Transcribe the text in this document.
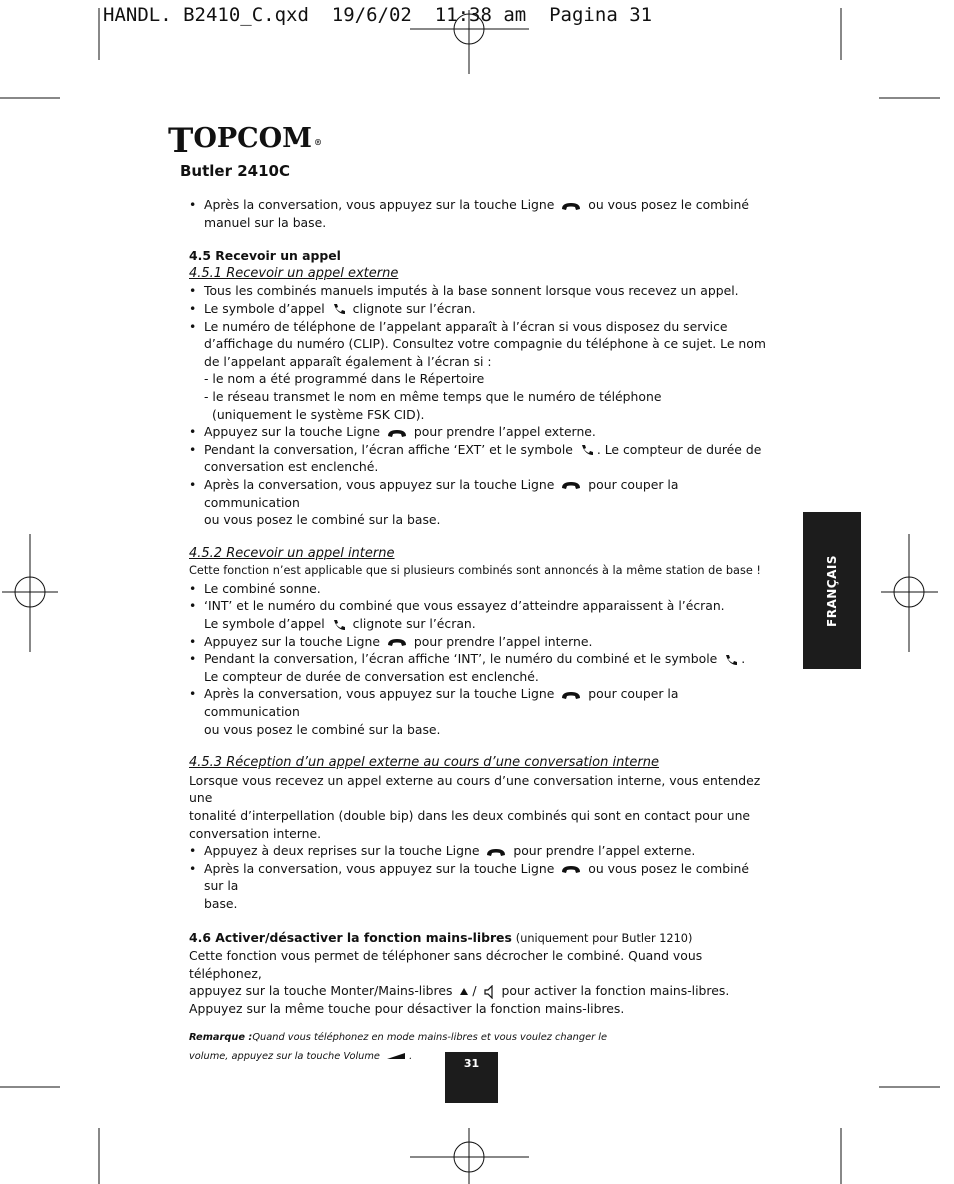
HANDL. B2410_C.qxd  19/6/02  11:38 am  Pagina 31
T OPCOM ®
Butler 2410C
• Après la conversation, vous appuyez sur la touche Ligne	ou vous posez le combiné
manuel sur la base.
4.5 Recevoir un appel
4.5.1 Recevoir un appel externe
• Tous les combinés manuels imputés à la base sonnent lorsque vous recevez un appel.
• Le symbole d’appel clignote sur l’écran.
• Le numéro de téléphone de l’appelant apparaît à l’écran si vous disposez du service
d’affichage du numéro (CLIP). Consultez votre compagnie du téléphone à ce sujet. Le nom
de l’appelant apparaît également à l’écran si :
- le nom a été programmé dans le Répertoire
- le réseau transmet le nom en même temps que le numéro de téléphone
(uniquement le système FSK CID).
• Appuyez sur la touche Ligne	pour prendre l’appel externe.
• Pendant la conversation, l’écran affiche ‘EXT’ et le symbole . Le compteur de durée de
conversation est enclenché.
• Après la conversation, vous appuyez sur la touche Ligne	pour couper la communication
ou vous posez le combiné sur la base.
4.5.2 Recevoir un appel interne
Cette fonction n’est applicable que si plusieurs combinés sont annoncés à la même station de base !
• Le combiné sonne.
• ‘INT’ et le numéro du combiné que vous essayez d’atteindre apparaissent à l’écran.
Le symbole d’appel clignote sur l’écran.
• Appuyez sur la touche Ligne	pour prendre l’appel interne.
• Pendant la conversation, l’écran affiche ‘INT’, le numéro du combiné et le symbole .
Le compteur de durée de conversation est enclenché.
• Après la conversation, vous appuyez sur la touche Ligne	pour couper la communication
ou vous posez le combiné sur la base.
4.5.3 Réception d’un appel externe au cours d’une conversation interne
Lorsque vous recevez un appel externe au cours d’une conversation interne, vous entendez une
tonalité d’interpellation (double bip) dans les deux combinés qui sont en contact pour une
conversation interne.
• Appuyez à deux reprises sur la touche Ligne	pour prendre l’appel externe.
• Après la conversation, vous appuyez sur la touche Ligne	ou vous posez le combiné sur la
base.
4.6 Activer/désactiver la fonction mains-libres (uniquement pour Butler 1210)
Cette fonction vous permet de téléphoner sans décrocher le combiné. Quand vous téléphonez,
appuyez sur la touche Monter/Mains-libres / pour activer la fonction mains-libres.
Appuyez sur la même touche pour désactiver la fonction mains-libres.
Remarque :Quand vous téléphonez en mode mains-libres et vous voulez changer le
volume, appuyez sur la touche Volume	.
FRANÇAIS
31
